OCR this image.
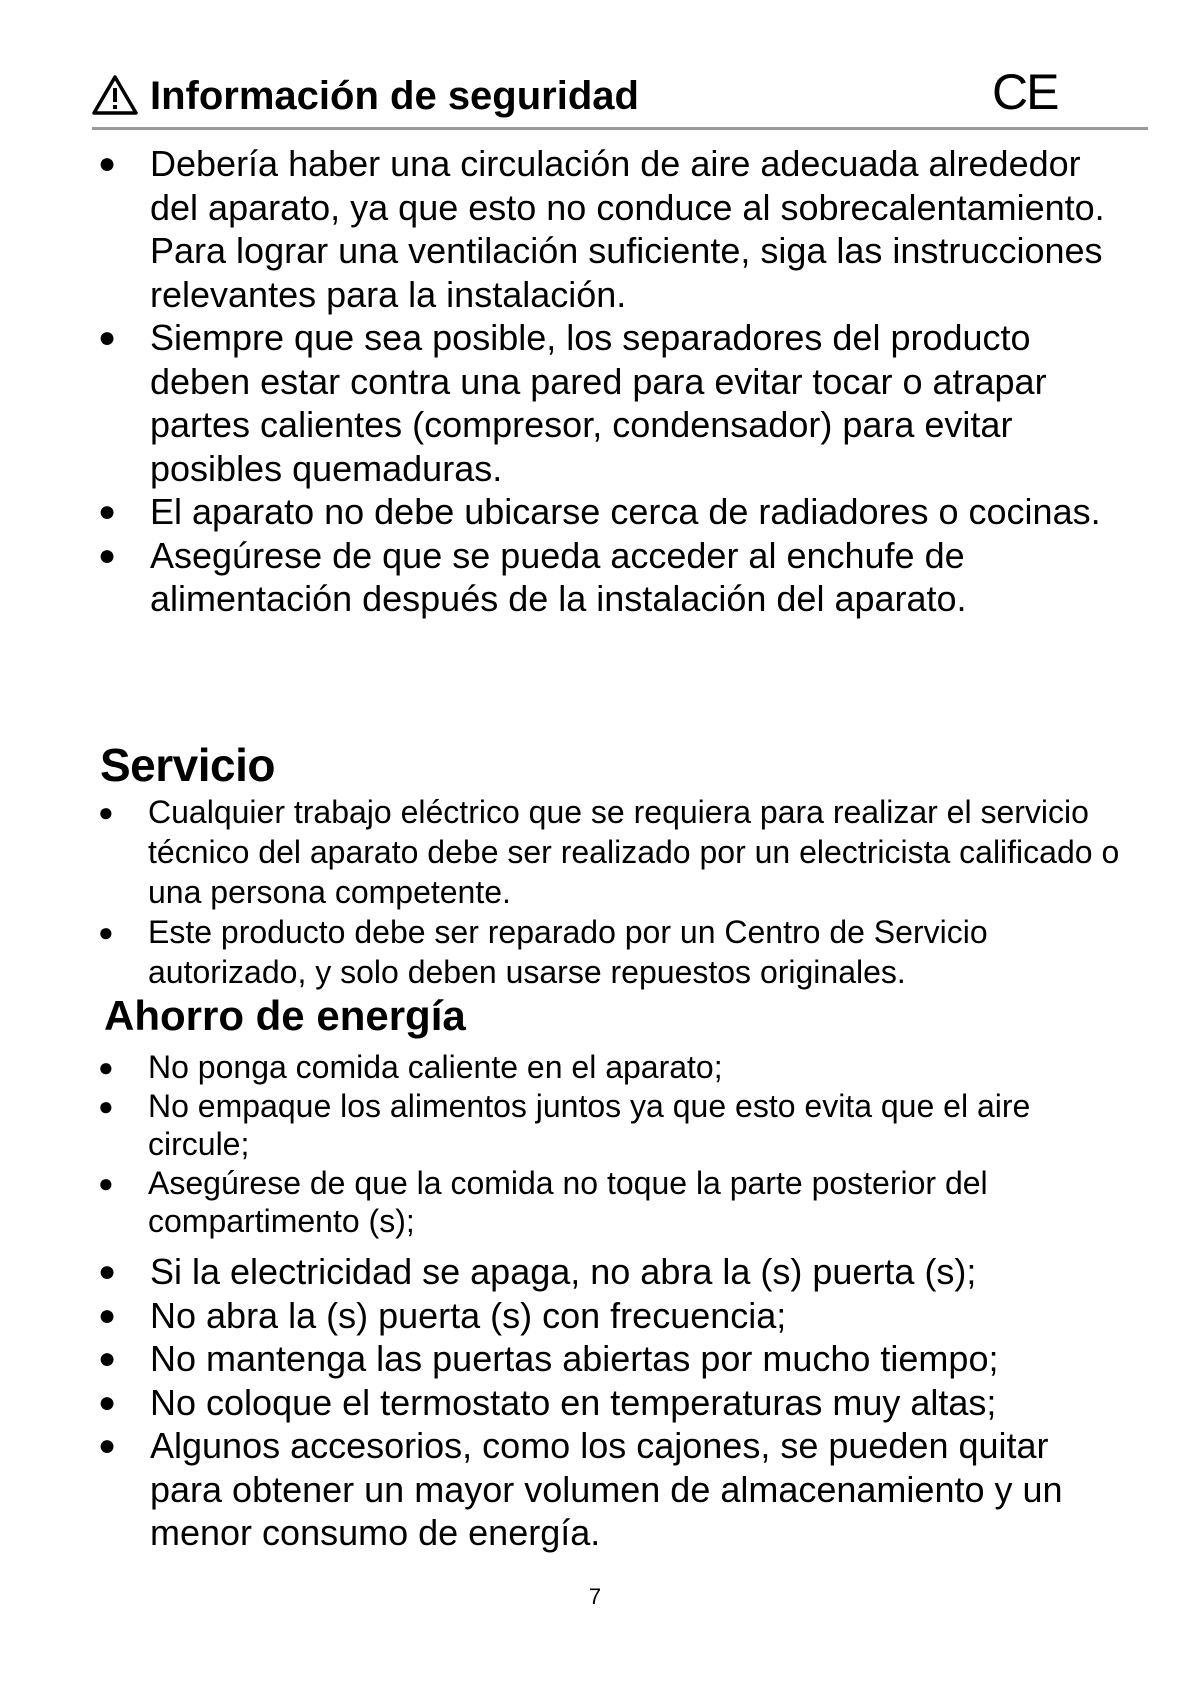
Información de seguridad	CE
● Debería haber una circulación de aire adecuada alrededor del aparato, ya que esto no conduce al sobrecalentamiento. Para lograr una ventilación suficiente, siga las instrucciones relevantes para la instalación.
● Siempre que sea posible, los separadores del producto deben estar contra una pared para evitar tocar o atrapar partes calientes (compresor, condensador) para evitar posibles quemaduras.
● El aparato no debe ubicarse cerca de radiadores o cocinas.
● Asegúrese de que se pueda acceder al enchufe de alimentación después de la instalación del aparato.
Servicio
● Cualquier trabajo eléctrico que se requiera para realizar el servicio técnico del aparato debe ser realizado por un electricista calificado o una persona competente.
● Este producto debe ser reparado por un Centro de Servicio autorizado, y solo deben usarse repuestos originales.
Ahorro de energía
● No ponga comida caliente en el aparato;
● No empaque los alimentos juntos ya que esto evita que el aire circule;
● Asegúrese de que la comida no toque la parte posterior del compartimento (s);
● Si la electricidad se apaga, no abra la (s) puerta (s);
● No abra la (s) puerta (s) con frecuencia;
● No mantenga las puertas abiertas por mucho tiempo;
● No coloque el termostato en temperaturas muy altas;
● Algunos accesorios, como los cajones, se pueden quitar para obtener un mayor volumen de almacenamiento y un menor consumo de energía.
7
